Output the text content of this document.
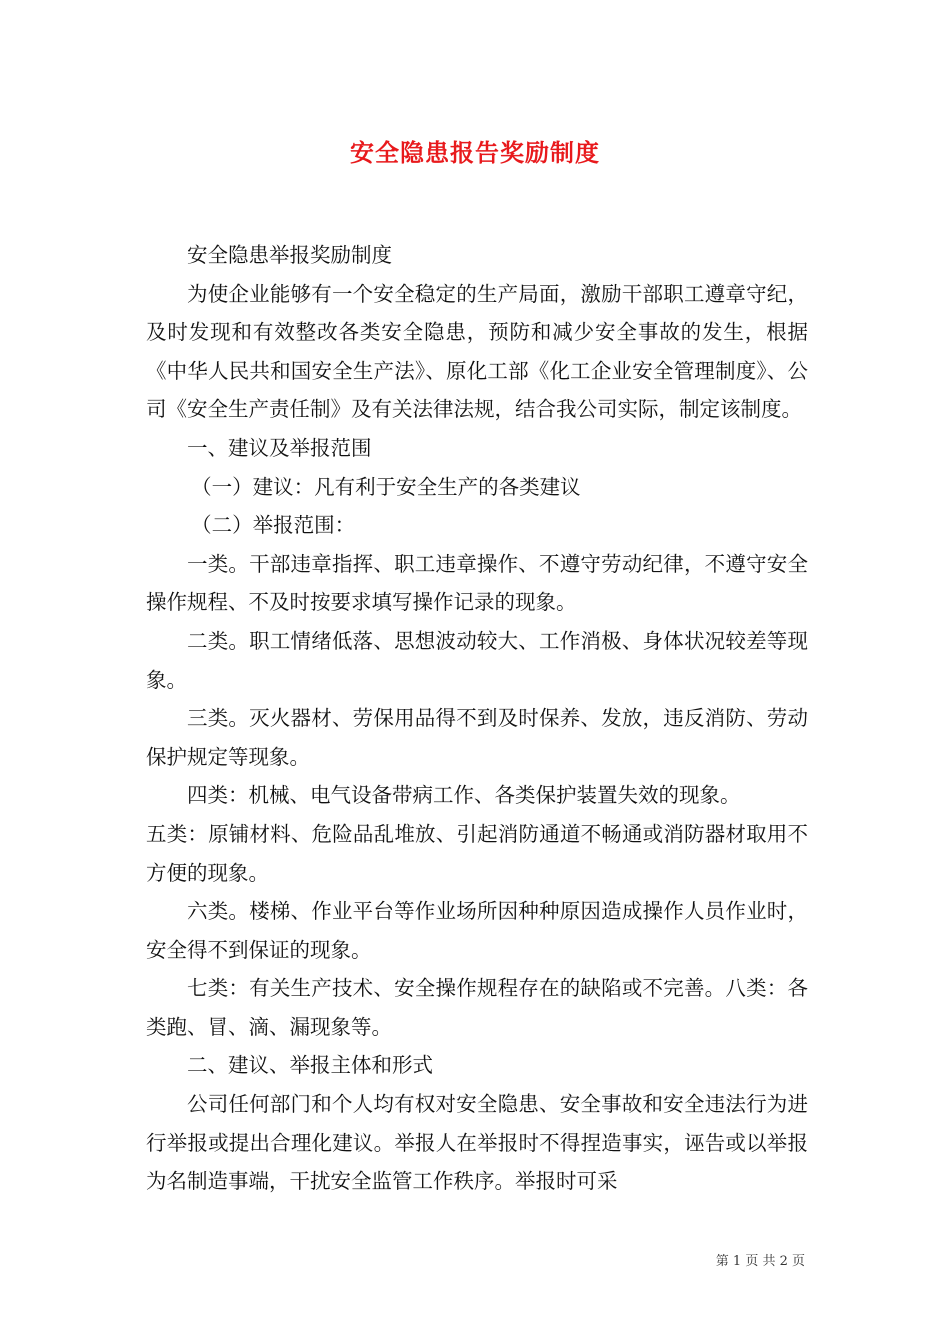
安全隐患报告奖励制度

安全隐患举报奖励制度

为使企业能够有一个安全稳定的生产局面，激励干部职工遵章守纪，及时发现和有效整改各类安全隐患，预防和减少安全事故的发生，根据《中华人民共和国安全生产法》、原化工部《化工企业安全管理制度》、公司《安全生产责任制》及有关法律法规，结合我公司实际，制定该制度。

一、建议及举报范围

（一）建议：凡有利于安全生产的各类建议

（二）举报范围：

一类。干部违章指挥、职工违章操作、不遵守劳动纪律，不遵守安全操作规程、不及时按要求填写操作记录的现象。

二类。职工情绪低落、思想波动较大、工作消极、身体状况较差等现象。

三类。灭火器材、劳保用品得不到及时保养、发放，违反消防、劳动保护规定等现象。

四类：机械、电气设备带病工作、各类保护装置失效的现象。

五类：原铺材料、危险品乱堆放、引起消防通道不畅通或消防器材取用不方便的现象。

六类。楼梯、作业平台等作业场所因种种原因造成操作人员作业时，安全得不到保证的现象。

七类：有关生产技术、安全操作规程存在的缺陷或不完善。八类：各类跑、冒、滴、漏现象等。

二、建议、举报主体和形式

公司任何部门和个人均有权对安全隐患、安全事故和安全违法行为进行举报或提出合理化建议。举报人在举报时不得捏造事实，诬告或以举报为名制造事端，干扰安全监管工作秩序。举报时可采

第 1 页 共 2 页
